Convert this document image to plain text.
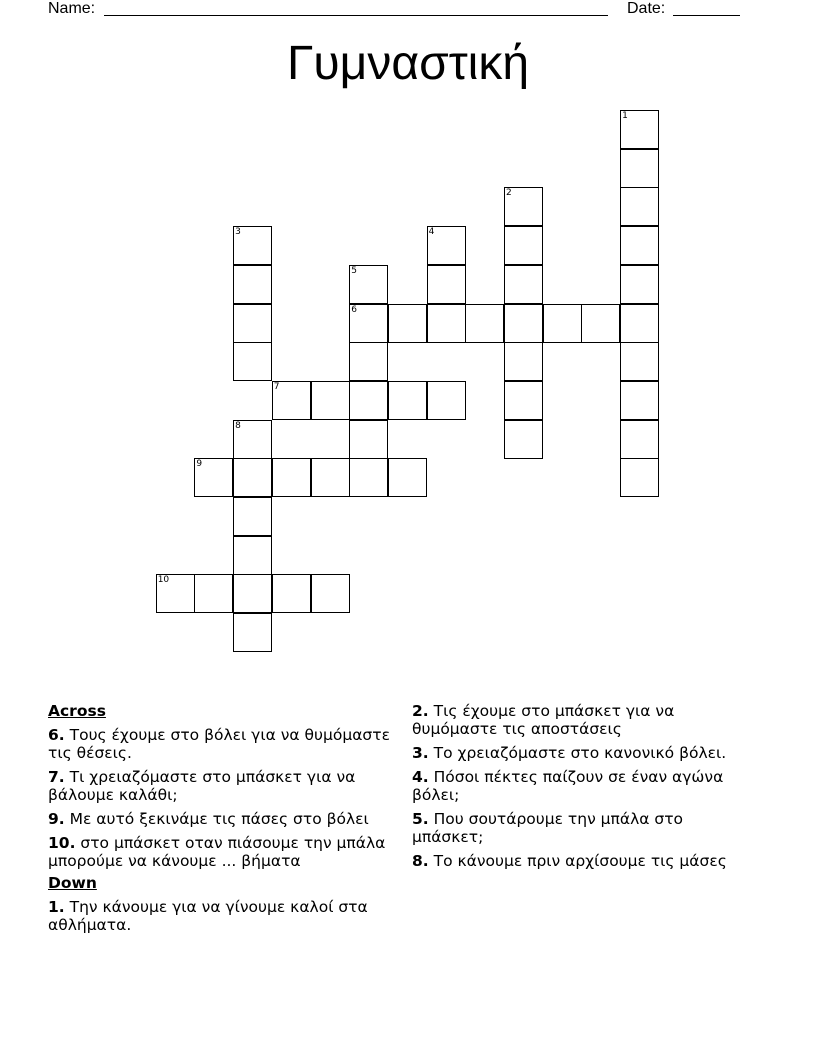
Name:	Date:
Γυμναστική
1
2
3	4
5
6
7
8
9
10
Across
6. Τους έχουμε στο βόλει για να θυμόμαστε τις θέσεις.
7. Τι χρειαζόμαστε στο μπάσκετ για να βάλουμε καλάθι;
9. Με αυτό ξεκινάμε τις πάσες στο βόλει
10. στο μπάσκετ οταν πιάσουμε την μπάλα μπορούμε να κάνουμε ... βήματα
Down
1. Την κάνουμε για να γίνουμε καλοί στα αθλήματα.
2. Τις έχουμε στο μπάσκετ για να θυμόμαστε τις αποστάσεις
3. Το χρειαζόμαστε στο κανονικό βόλει.
4. Πόσοι πέκτες παίζουν σε έναν αγώνα βόλει;
5. Που σουτάρουμε την μπάλα στο μπάσκετ;
8. Το κάνουμε πριν αρχίσουμε τις μάσες
